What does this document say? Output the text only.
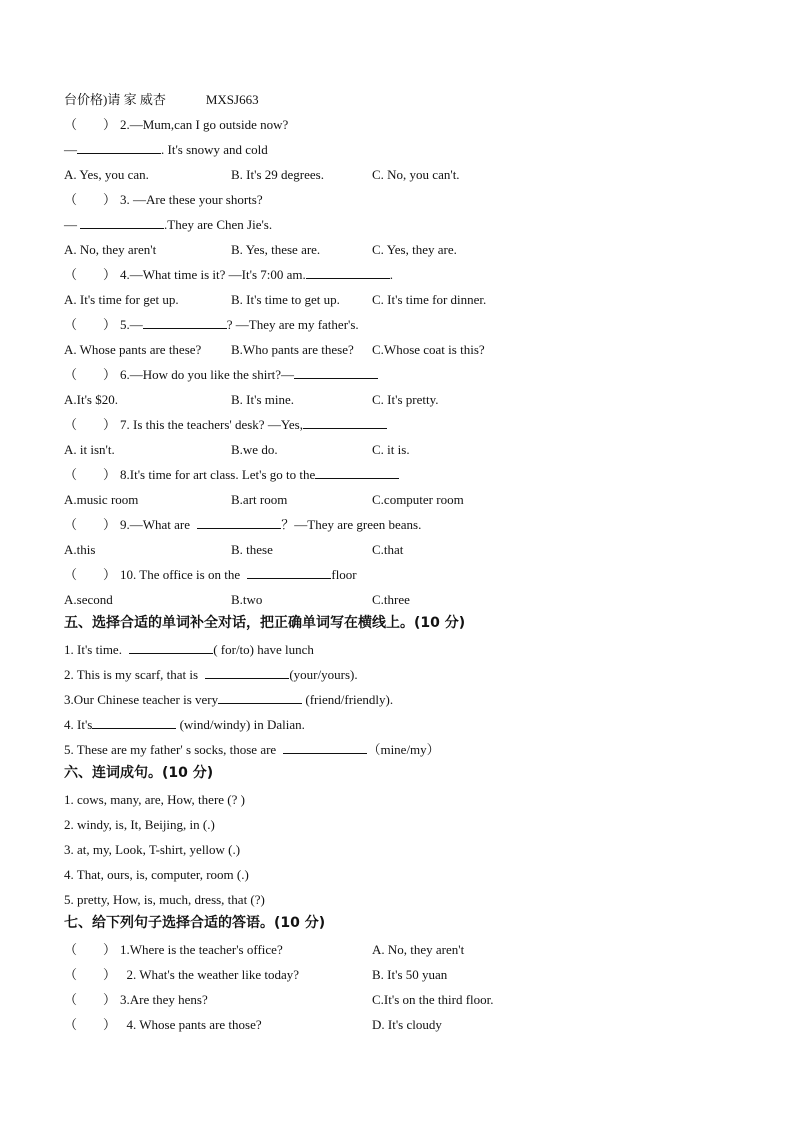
台价格)请 家 威杏	MXSJ663
（　　） 2.—Mum,can I go outside now?
—	. It's snowy and cold
A. Yes, you can.	B. It's 29 degrees.	C. No, you can't.
（　　） 3. —Are these your shorts?
—	.They are Chen Jie's.
A. No, they aren't	B. Yes, these are.	C. Yes, they are.
（　　） 4.—What time is it? —It's 7:00 am.	.
A. It's time for get up.	B. It's time to get up. C. It's time for dinner.
（　　） 5.—	? —They are my father's.
A. Whose pants are these? B.Who pants are these? C.Whose coat is this?
（　　） 6.—How do you like the shirt?—
A.It's $20.	B. It's mine.	C. It's pretty.
（　　） 7. Is this the teachers' desk? —Yes,
A. it isn't.	B.we do.	C. it is.
（　　） 8.It's time for art class. Let's go to the
A.music room	B.art room	C.computer room
（　　） 9.—What are	？—They are green beans.
A.this	B. these	C.that
（　　） 10. The office is on the	floor
A.second	B.two	C.three
五、选择合适的单词补全对话，把正确单词写在横线上。(10 分)
1. It's time.	( for/to) have lunch
2. This is my scarf, that is	(your/yours).
3.Our Chinese teacher is very	(friend/friendly).
4. It's	(wind/windy) in Dalian.
5. These are my father' s socks, those are	（mine/my）
六、连词成句。(10 分)
1. cows, many, are, How, there (? )
2. windy, is, It, Beijing, in (.)
3. at, my, Look, T-shirt, yellow (.)
4. That, ours, is, computer, room (.)
5. pretty, How, is, much, dress, that (?)
七、给下列句子选择合适的答语。(10 分)
（　　） 1.Where is the teacher's office?	A. No, they aren't
（　　） 2. What's the weather like today?	B. It's 50 yuan
（　　） 3.Are they hens?	C.It's on the third floor.
（　　） 4. Whose pants are those?	D. It's cloudy
